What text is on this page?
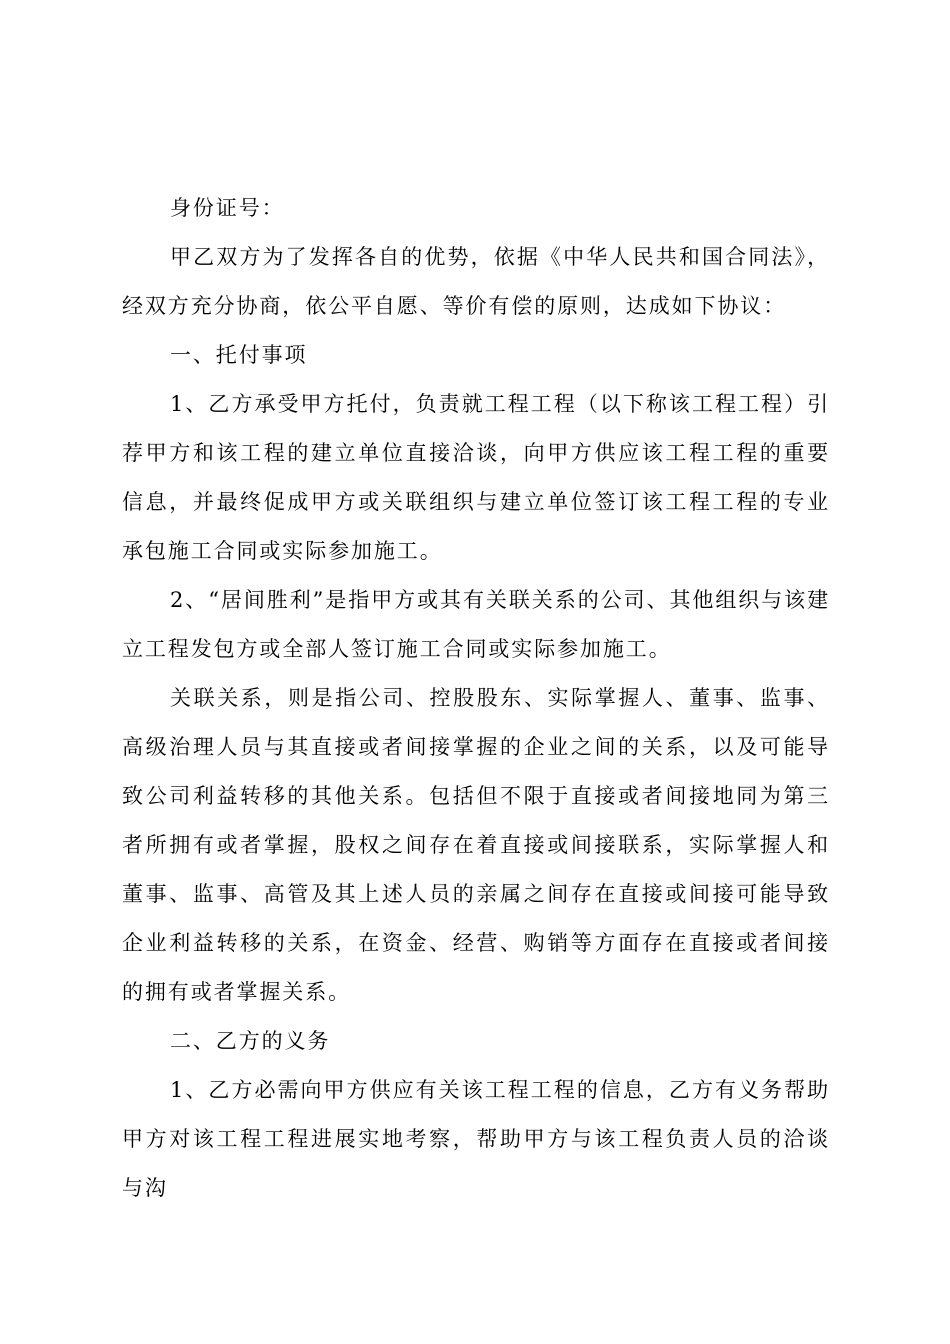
身份证号：

甲乙双方为了发挥各自的优势，依据《中华人民共和国合同法》，经双方充分协商，依公平自愿、等价有偿的原则，达成如下协议：

一、托付事项

1、乙方承受甲方托付，负责就工程工程（以下称该工程工程）引荐甲方和该工程的建立单位直接洽谈，向甲方供应该工程工程的重要信息，并最终促成甲方或关联组织与建立单位签订该工程工程的专业承包施工合同或实际参加施工。

2、“居间胜利”是指甲方或其有关联关系的公司、其他组织与该建立工程发包方或全部人签订施工合同或实际参加施工。

关联关系，则是指公司、控股股东、实际掌握人、董事、监事、高级治理人员与其直接或者间接掌握的企业之间的关系，以及可能导致公司利益转移的其他关系。包括但不限于直接或者间接地同为第三者所拥有或者掌握，股权之间存在着直接或间接联系，实际掌握人和董事、监事、高管及其上述人员的亲属之间存在直接或间接可能导致企业利益转移的关系，在资金、经营、购销等方面存在直接或者间接的拥有或者掌握关系。

二、乙方的义务

1、乙方必需向甲方供应有关该工程工程的信息，乙方有义务帮助甲方对该工程工程进展实地考察，帮助甲方与该工程负责人员的洽谈与沟
